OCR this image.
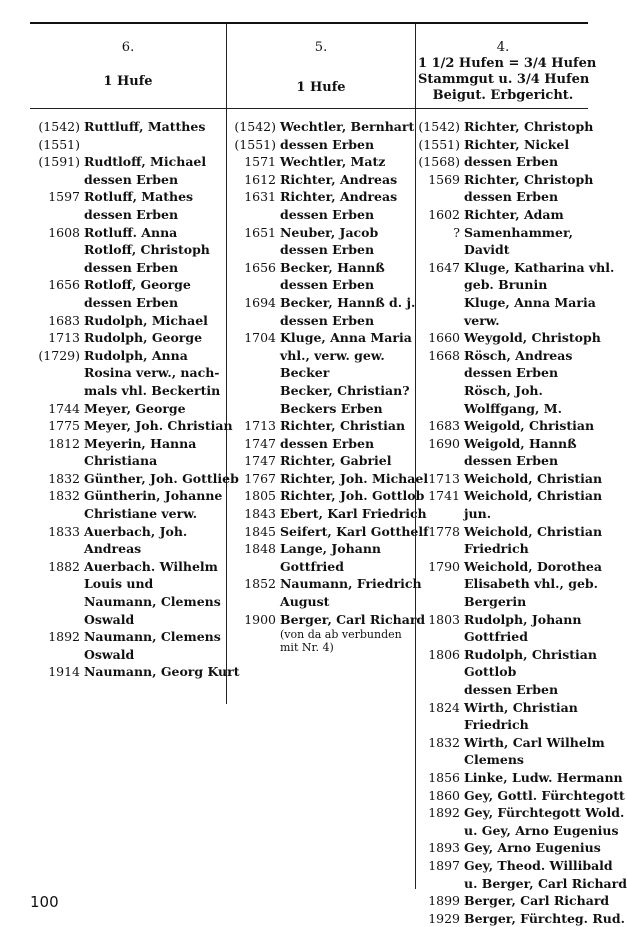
6.
1 Hufe
(1542)
(1551)
Ruttluff, Matthes
(1591) Rudtloff, Michael
dessen Erben
1597 Rotluff, Mathes
dessen Erben
1608 Rotluff. Anna
Rotloff, Christoph
dessen Erben
1656 Rotloff, George
dessen Erben
1683 Rudolph, Michael
1713 Rudolph, George
(1729) Rudolph, Anna
Rosina verw., nach-
mals vhl. Beckertin
1744 Meyer, George
1775 Meyer, Joh. Christian
1812 Meyerin, Hanna
Christiana
1832 Günther, Joh. Gottlieb
1832 Güntherin, Johanne
Christiane verw.
1833 Auerbach, Joh.
Andreas
1882 Auerbach. Wilhelm
Louis und
Naumann, Clemens
Oswald
1892 Naumann, Clemens
Oswald
1914 Naumann, Georg Kurt
5.
1 Hufe
(1542)
(1551)
Wechtler, Bernhart
dessen Erben
1571 Wechtler, Matz
1612 Richter, Andreas
1631 Richter, Andreas
dessen Erben
1651 Neuber, Jacob
dessen Erben
1656 Becker, Hannß
dessen Erben
1694 Becker, Hannß d. j.
dessen Erben
1704 Kluge, Anna Maria
vhl., verw. gew.
Becker
Becker, Christian?
Beckers Erben
1713 Richter, Christian
1747 dessen Erben
1747 Richter, Gabriel
1767 Richter, Joh. Michael
1805 Richter, Joh. Gottlob
1843 Ebert, Karl Friedrich
1845 Seifert, Karl Gotthelf
1848 Lange, Johann
Gottfried
1852 Naumann, Friedrich
August
1900 Berger, Carl Richard
(von da ab verbunden
mit Nr. 4)
4.
1 1/2 Hufen = 3/4 Hufen
Stammgut u. 3/4 Hufen
Beigut. Erbgericht.
(1542) Richter, Christoph
(1551) Richter, Nickel
(1568) dessen Erben
1569 Richter, Christoph
dessen Erben
1602 Richter, Adam
? Samenhammer,
Davidt
1647 Kluge, Katharina vhl.
geb. Brunin
Kluge, Anna Maria
verw.
1660 Weygold, Christoph
1668 Rösch, Andreas
dessen Erben
Rösch, Joh.
Wolffgang, M.
1683 Weigold, Christian
1690 Weigold, Hannß
dessen Erben
1713 Weichold, Christian
1741 Weichold, Christian
jun.
1778 Weichold, Christian
Friedrich
1790 Weichold, Dorothea
Elisabeth vhl., geb.
Bergerin
1803 Rudolph, Johann
Gottfried
1806 Rudolph, Christian
Gottlob
dessen Erben
1824 Wirth, Christian
Friedrich
1832 Wirth, Carl Wilhelm
Clemens
1856 Linke, Ludw. Hermann
1860 Gey, Gottl. Fürchtegott
1892 Gey, Fürchtegott Wold.
u. Gey, Arno Eugenius
1893 Gey, Arno Eugenius
1897 Gey, Theod. Willibald
u. Berger, Carl Richard
1899 Berger, Carl Richard
1929 Berger, Fürchteg. Rud.
100
